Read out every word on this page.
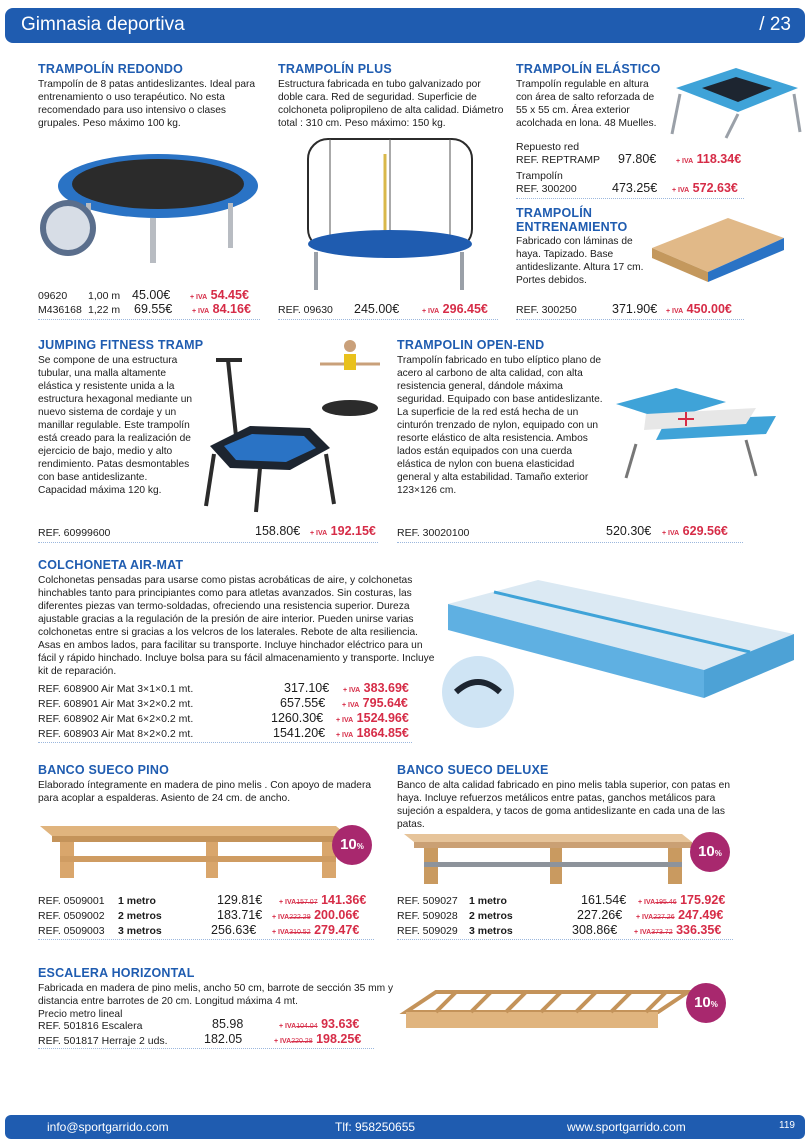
Gimnasia deportiva	/ 23
TRAMPOLÍN REDONDO
Trampolín de 8 patas antideslizantes. Ideal para entrenamiento o uso terapéutico. No esta recomendado para uso intensivo o clases grupales. Peso máximo 100 kg.
09620 1,00 m 45.00€	+ IVA 54.45€
M436168 1,22 m 69.55€	+ IVA 84.16€
TRAMPOLÍN PLUS
Estructura fabricada en tubo galvanizado por doble cara. Red de seguridad. Superficie de colchoneta polipropileno de alta calidad. Diámetro total : 310 cm. Peso máximo: 150 kg.
REF. 09630 245.00€	+ IVA 296.45€
TRAMPOLÍN ELÁSTICO
Trampolín regulable en altura con área de salto reforzada de 55 x 55 cm. Área exterior acolchada en lona. 48 Muelles.
Repuesto red
REF. REPTRAMP 97.80€	+ IVA 118.34€
Trampolín
REF. 300200	473.25€ + IVA 572.63€
TRAMPOLÍN
ENTRENAMIENTO
Fabricado con láminas de haya. Tapizado. Base antideslizante. Altura 17 cm. Portes debidos.
REF. 300250	371.90€ + IVA 450.00€
JUMPING FITNESS TRAMP
Se compone de una estructura tubular, una malla altamente elástica y resistente unida a la estructura hexagonal mediante un nuevo sistema de cordaje y un manillar regulable. Este trampolín está creado para la realización de ejercicio de bajo, medio y alto rendimiento. Patas desmontables con base antideslizante. Capacidad máxima 120 kg.
REF. 60999600	158.80€ + IVA 192.15€
TRAMPOLIN OPEN-END
Trampolín fabricado en tubo elíptico plano de acero al carbono de alta calidad, con alta resistencia general, dándole máxima seguridad. Equipado con base antideslizante. La superficie de la red está hecha de un cinturón trenzado de nylon, equipado con un resorte elástico de alta resistencia. Ambos lados están equipados con una cuerda elástica de nylon con buena elasticidad general y alta estabilidad. Tamaño exterior 123×126 cm.
REF. 30020100	520.30€ + IVA 629.56€
COLCHONETA AIR-MAT
Colchonetas pensadas para usarse como pistas acrobáticas de aire, y colchonetas hinchables tanto para principiantes como para atletas avanzados. Sin costuras, las diferentes piezas van termo-soldadas, ofreciendo una resistencia superior. Dureza ajustable gracias a la regulación de la presión de aire interior. Pueden unirse varias colchonetas entre si gracias a los velcros de los laterales. Rebote de alta resiliencia. Asas en ambos lados, para facilitar su transporte. Incluye hinchador eléctrico para un fácil y rápido hinchado. Incluye bolsa para su fácil almacenamiento y transporte. Incluye kit de reparación.
REF. 608900 Air Mat 3×1×0.1 mt.	317.10€ + IVA 383.69€
REF. 608901 Air Mat 3×2×0.2 mt.	657.55€ + IVA 795.64€
REF. 608902 Air Mat 6×2×0.2 mt.	1260.30€ + IVA 1524.96€
REF. 608903 Air Mat 8×2×0.2 mt.	1541.20€ + IVA 1864.85€
BANCO SUECO PINO
Elaborado íntegramente en madera de pino melis . Con apoyo de madera para acoplar a espalderas. Asiento de 24 cm. de ancho.
10%
REF. 0509001 1 metro	129.81€ + IVA157.07 141.36€
REF. 0509002 2 metros	183.71€ + IVA222.29 200.06€
REF. 0509003 3 metros	256.63€ + IVA310.52 279.47€
BANCO SUECO DELUXE
Banco de alta calidad fabricado en pino melis tabla superior, con patas en haya. Incluye refuerzos metálicos entre patas, ganchos metálicos para sujeción a espaldera, y tacos de goma antideslizante en cada una de las patas.
10%
REF. 509027 1 metro	161.54€ + IVA195.46 175.92€
REF. 509028 2 metros	227.26€ + IVA227.26 247.49€
REF. 509029 3 metros	308.86€ + IVA373.72 336.35€
ESCALERA HORIZONTAL
Fabricada en madera de pino melis, ancho 50 cm, barrote de sección 35 mm y distancia entre barrotes de 20 cm. Longitud máxima 4 mt.
Precio metro lineal
REF. 501816 Escalera	85.98	+ IVA104.04 93.63€
REF. 501817 Herraje 2 uds.	182.05	+ IVA220.28 198.25€
10%
info@sportgarrido.com	Tlf: 958250655	www.sportgarrido.com	119
